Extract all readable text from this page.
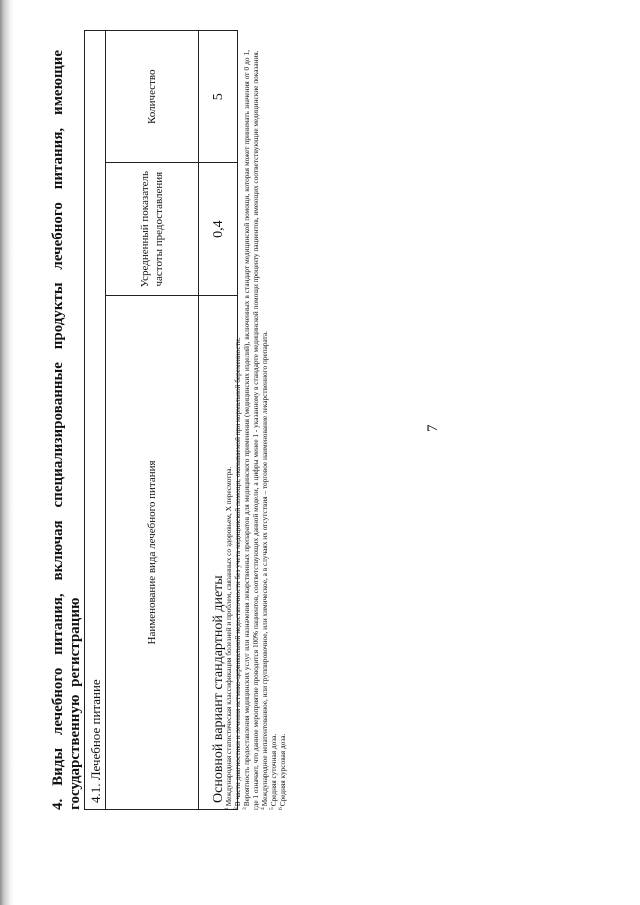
7
4. Виды лечебного питания, включая специализированные продукты лечебного питания, имеющие государственную регистрацию 4.1. Лечебное питание		
Наименование вида лечебного питания	Усредненный показатель частоты предоставления	Количество
Основной вариант стандартной диеты	0,4	5

$^1$Международная статистическая классификация болезней и проблем, связанных со здоровьем, X пересмотра.

$^2$В части диагностики и лечения истмико-цервикальной недостаточности без учета медицинской помощи, оказываемой при нормальной беременности.

$^3$Вероятность предоставления медицинских услуг или назначения лекарственных препаратов для медицинского применения (медицинских изделий), включенных в стандарт медицинской помощи, которая может принимать значения от 0 до 1, где 1 означает, что данное мероприятие проводится 100% пациентов, соответствующих данной модели, а цифры менее 1 - указанному в стандарте медицинской помощи проценту пациентов, имеющих соответствующие медицинские показания. $^4$Международное непатентованное, или группировочное, или химическое, а в случаях их отсутствия – торговое наименование лекарственного препарата.

$^5$Средняя суточная доза.

$^6$Средняя курсовая доза.
